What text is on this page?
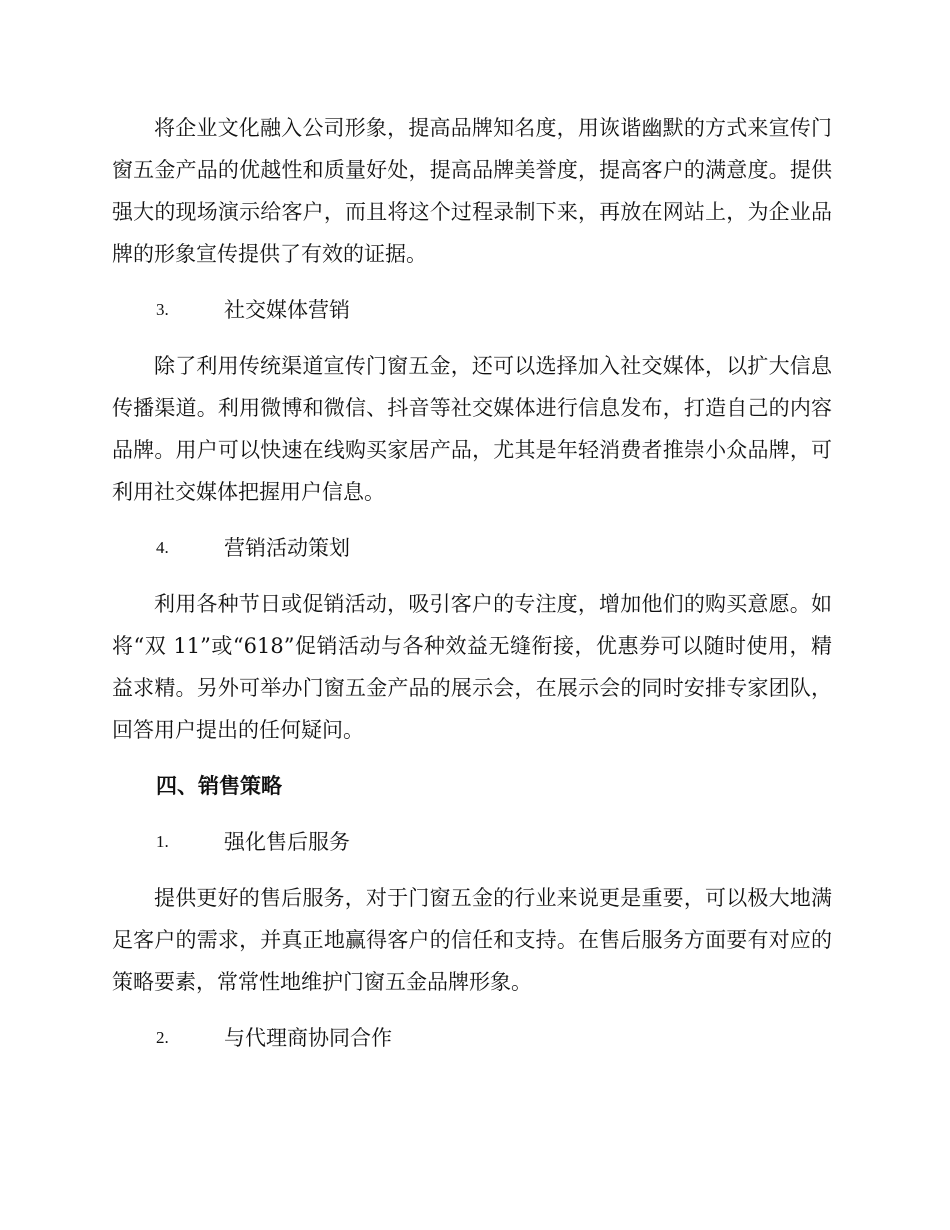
将企业文化融入公司形象，提高品牌知名度，用诙谐幽默的方式来宣传门窗五金产品的优越性和质量好处，提高品牌美誉度，提高客户的满意度。提供强大的现场演示给客户，而且将这个过程录制下来，再放在网站上，为企业品牌的形象宣传提供了有效的证据。

3.	社交媒体营销

除了利用传统渠道宣传门窗五金，还可以选择加入社交媒体，以扩大信息传播渠道。利用微博和微信、抖音等社交媒体进行信息发布，打造自己的内容品牌。用户可以快速在线购买家居产品，尤其是年轻消费者推崇小众品牌，可利用社交媒体把握用户信息。

4.	营销活动策划

利用各种节日或促销活动，吸引客户的专注度，增加他们的购买意愿。如将“双 11”或“618”促销活动与各种效益无缝衔接，优惠券可以随时使用，精益求精。另外可举办门窗五金产品的展示会，在展示会的同时安排专家团队，回答用户提出的任何疑问。

四、销售策略
1.	强化售后服务

提供更好的售后服务，对于门窗五金的行业来说更是重要，可以极大地满足客户的需求，并真正地赢得客户的信任和支持。在售后服务方面要有对应的策略要素，常常性地维护门窗五金品牌形象。

2.	与代理商协同合作
